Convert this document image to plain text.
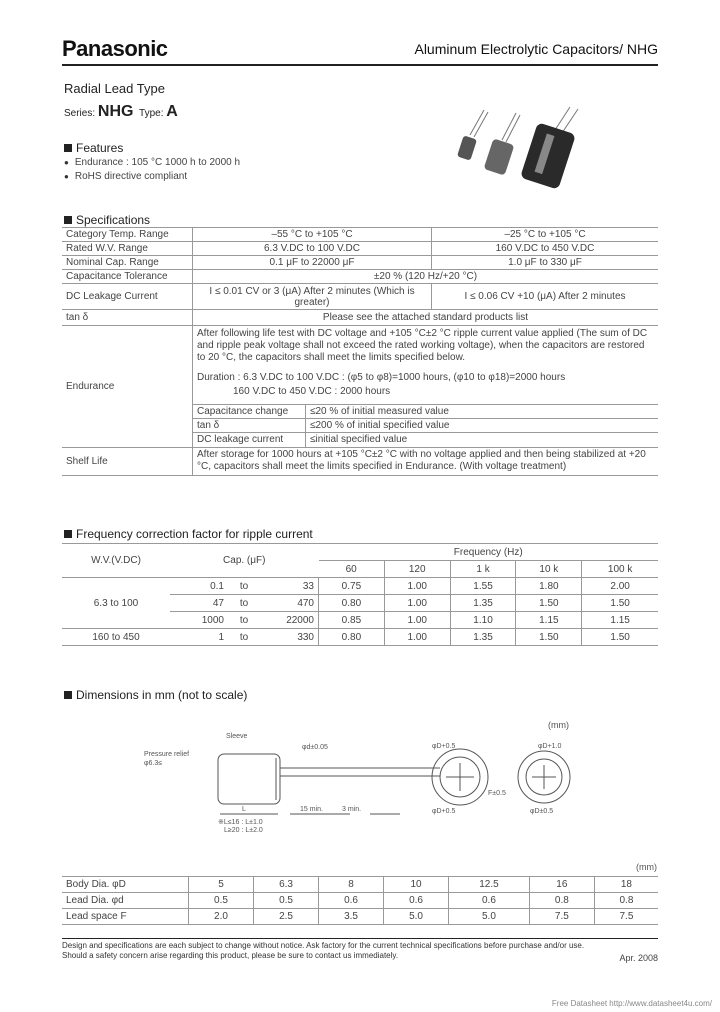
Panasonic	Aluminum Electrolytic Capacitors/ NHG
Radial Lead Type
Series: NHG Type: A
Features
● Endurance : 105 °C 1000 h to 2000 h
● RoHS directive compliant
Specifications
Category Temp. Range	–55 °C to +105 °C	–25 °C to +105 °C
Rated W.V. Range	6.3 V.DC to 100 V.DC	160 V.DC to 450 V.DC
Nominal Cap. Range	0.1 μF to 22000 μF	1.0 μF to 330 μF
Capacitance Tolerance	±20 % (120 Hz/+20 °C)
DC Leakage Current	I ≤ 0.01 CV or 3 (μA) After 2 minutes (Which is greater)	I ≤ 0.06 CV +10 (μA) After 2 minutes
tan δ	Please see the attached standard products list
Endurance	
After following life test with DC voltage and +105 °C±2 °C ripple current value applied (The sum of DC and ripple peak voltage shall not exceed the rated working voltage), when the capacitors are restored to 20 °C, the capacitors shall meet the limits specified below.
Duration : 6.3 V.DC to 100 V.DC : (φ5 to φ8)=1000 hours, (φ10 to φ18)=2000 hours
160 V.DC to 450 V.DC : 2000 hours
Capacitance change	≤20 % of initial measured value
tan δ	≤200 % of initial specified value
DC leakage current	≤initial specified value

Shelf Life	After storage for 1000 hours at +105 °C±2 °C with no voltage applied and then being stabilized at +20 °C, capacitors shall meet the limits specified in Endurance. (With voltage treatment)
Frequency correction factor for ripple current
W.V.(V.DC)	Cap. (μF)			Frequency (Hz)				
				60	120	1 k	10 k	100 k
6.3 to 100	0.1	to	33	0.75	1.00	1.55	1.80	2.00
	47	to	470	0.80	1.00	1.35	1.50	1.50
	1000	to	22000	0.85	1.00	1.10	1.15	1.15
160 to 450	1	to	330	0.80	1.00	1.35	1.50	1.50
Dimensions in mm (not to scale)
(mm)
Sleeve
Pressure relief
φ6.3≤
φd±0.05
L	15 min.	3 min.
※L≤16 : L±1.0
L≥20 : L±2.0
φD+0.5
φD+0.5
F±0.5
φD+1.0
φD±0.5
(mm)
Body Dia. φD	5	6.3	8	10	12.5	16	18
Lead Dia. φd	0.5	0.5	0.6	0.6	0.6	0.8	0.8
Lead space F	2.0	2.5	3.5	5.0	5.0	7.5	7.5
Design and specifications are each subject to change without notice. Ask factory for the current technical specifications before purchase and/or use.
Should a safety concern arise regarding this product, please be sure to contact us immediately.	Apr. 2008
Free Datasheet http://www.datasheet4u.com/
